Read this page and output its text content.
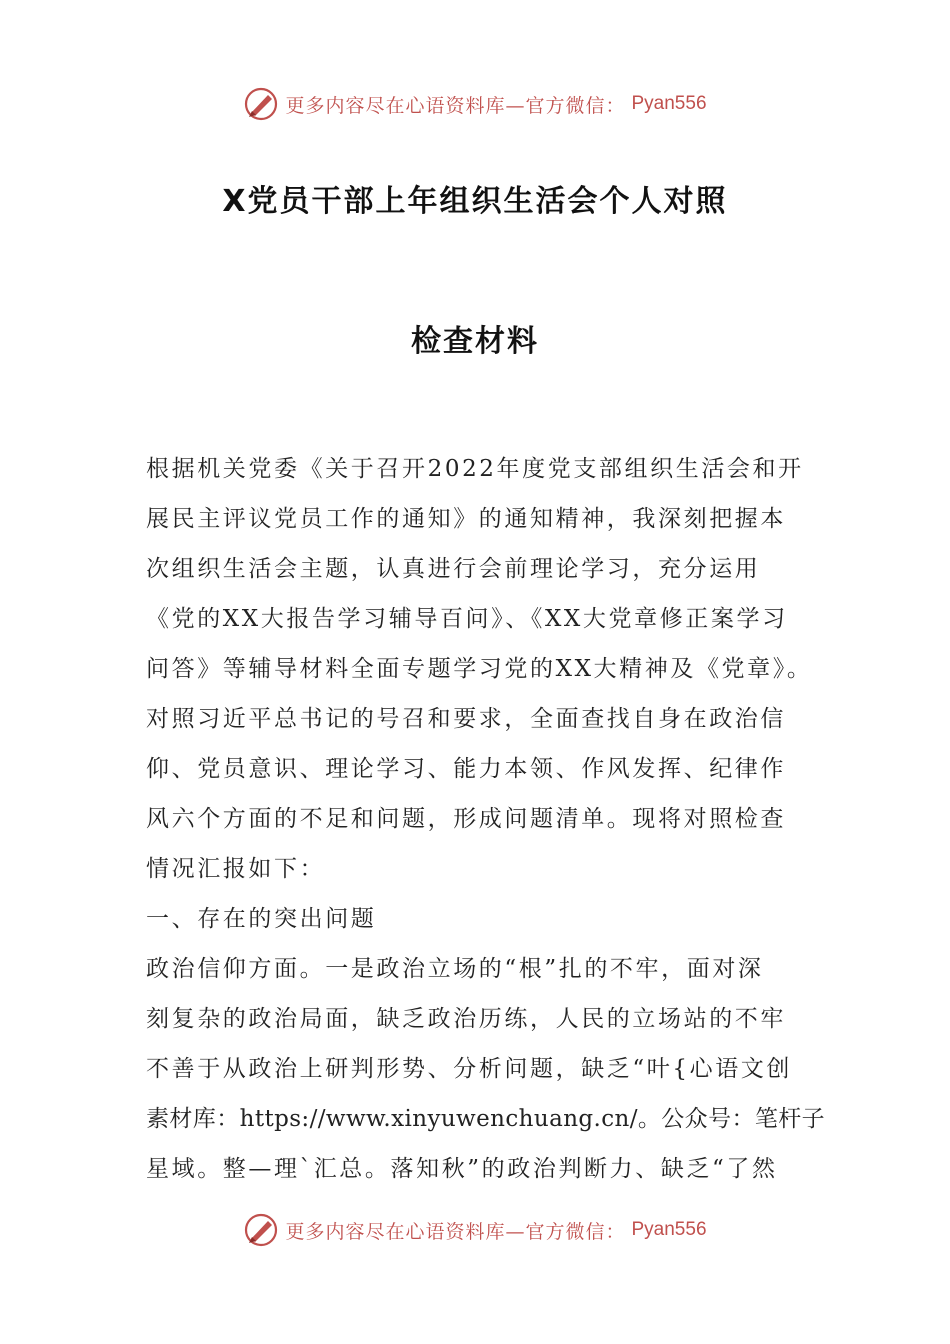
更多内容尽在心语资料库—官方微信： Pyan556
X党员干部上年组织生活会个人对照
检查材料

根据机关党委《关于召开2022年度党支部组织生活会和开

展民主评议党员工作的通知》的通知精神，我深刻把握本

次组织生活会主题，认真进行会前理论学习，充分运用

《党的XX大报告学习辅导百问》、《XX大党章修正案学习

问答》等辅导材料全面专题学习党的XX大精神及《党章》。

对照习近平总书记的号召和要求，全面查找自身在政治信

仰、党员意识、理论学习、能力本领、作风发挥、纪律作

风六个方面的不足和问题，形成问题清单。现将对照检查

情况汇报如下：

一、存在的突出问题

政治信仰方面。一是政治立场的“根”扎的不牢，面对深

刻复杂的政治局面，缺乏政治历练，人民的立场站的不牢

不善于从政治上研判形势、分析问题，缺乏“叶{心语文创

素材库：https://www.xinyuwenchuang.cn/。公众号：笔杆子

星域。整—理`汇总。落知秋”的政治判断力、缺乏“了然

更多内容尽在心语资料库—官方微信： Pyan556
